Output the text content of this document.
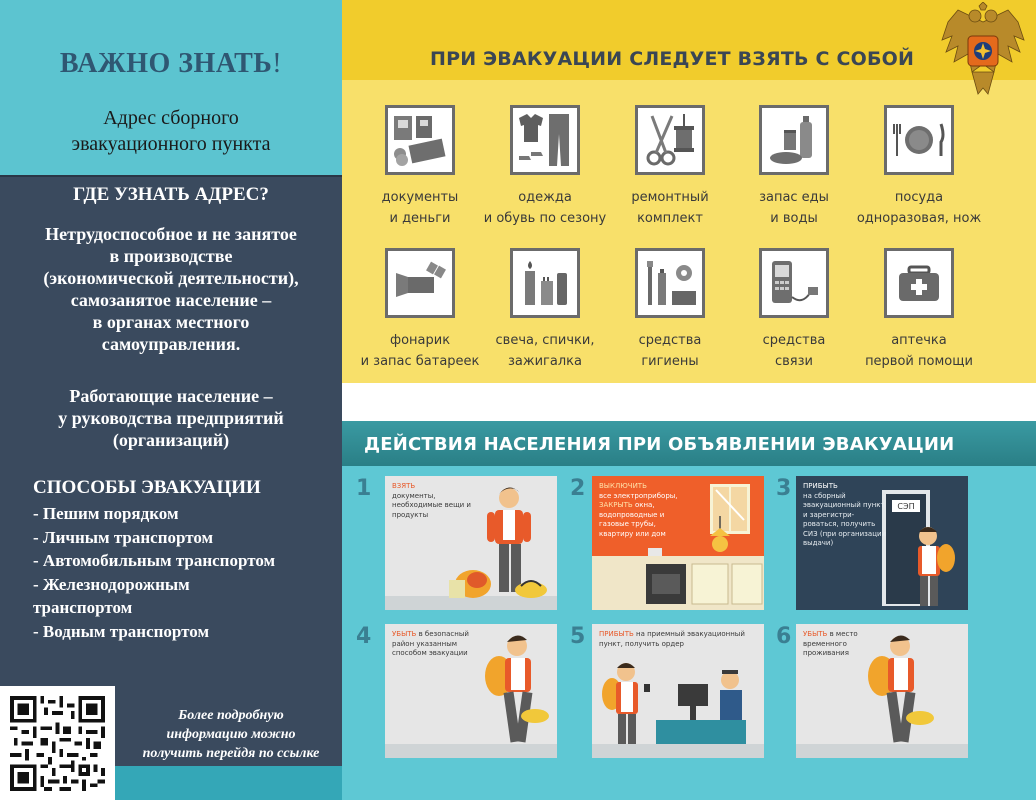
ВАЖНО ЗНАТЬ!
Адрес сборного
эвакуационного пункта
ГДЕ УЗНАТЬ АДРЕС?
Нетрудоспособное и не занятое
в производстве
(экономической деятельности),
самозанятое население –
в органах местного
самоуправления.
Работающие население –
у руководства предприятий
(организаций)
СПОСОБЫ ЭВАКУАЦИИ
- Пешим порядком
- Личным транспортом
- Автомобильным транспортом
- Железнодорожным
транспортом
- Водным транспортом
Более подробную
информацию можно
получить перейдя по ссылке
ПРИ ЭВАКУАЦИИ СЛЕДУЕТ ВЗЯТЬ С СОБОЙ
документы
и деньги
одежда
и обувь по сезону
ремонтный
комплект
запас еды
и воды
посуда
одноразовая, нож
фонарик
и запас батареек
свеча, спички,
зажигалка
средства
гигиены
средства
связи
аптечка
первой помощи
ДЕЙСТВИЯ НАСЕЛЕНИЯ ПРИ ОБЪЯВЛЕНИИ ЭВАКУАЦИИ
1	2	3
4	5	6
ВЗЯТЬ
документы, необходимые вещи и продукты
ВЫКЛЮЧИТЬ
все электроприборы,
ЗАКРЫТЬ окна, водопроводные и газовые трубы, квартиру или дом
СЭП
ПРИБЫТЬ
на сборный эвакуационный пункт и зарегистри-роваться, получить СИЗ (при организации выдачи)
УБЫТЬ в безопасный район указанным способом эвакуации
ПРИБЫТЬ на приемный эвакуационный пункт, получить ордер
УБЫТЬ в место временного проживания
